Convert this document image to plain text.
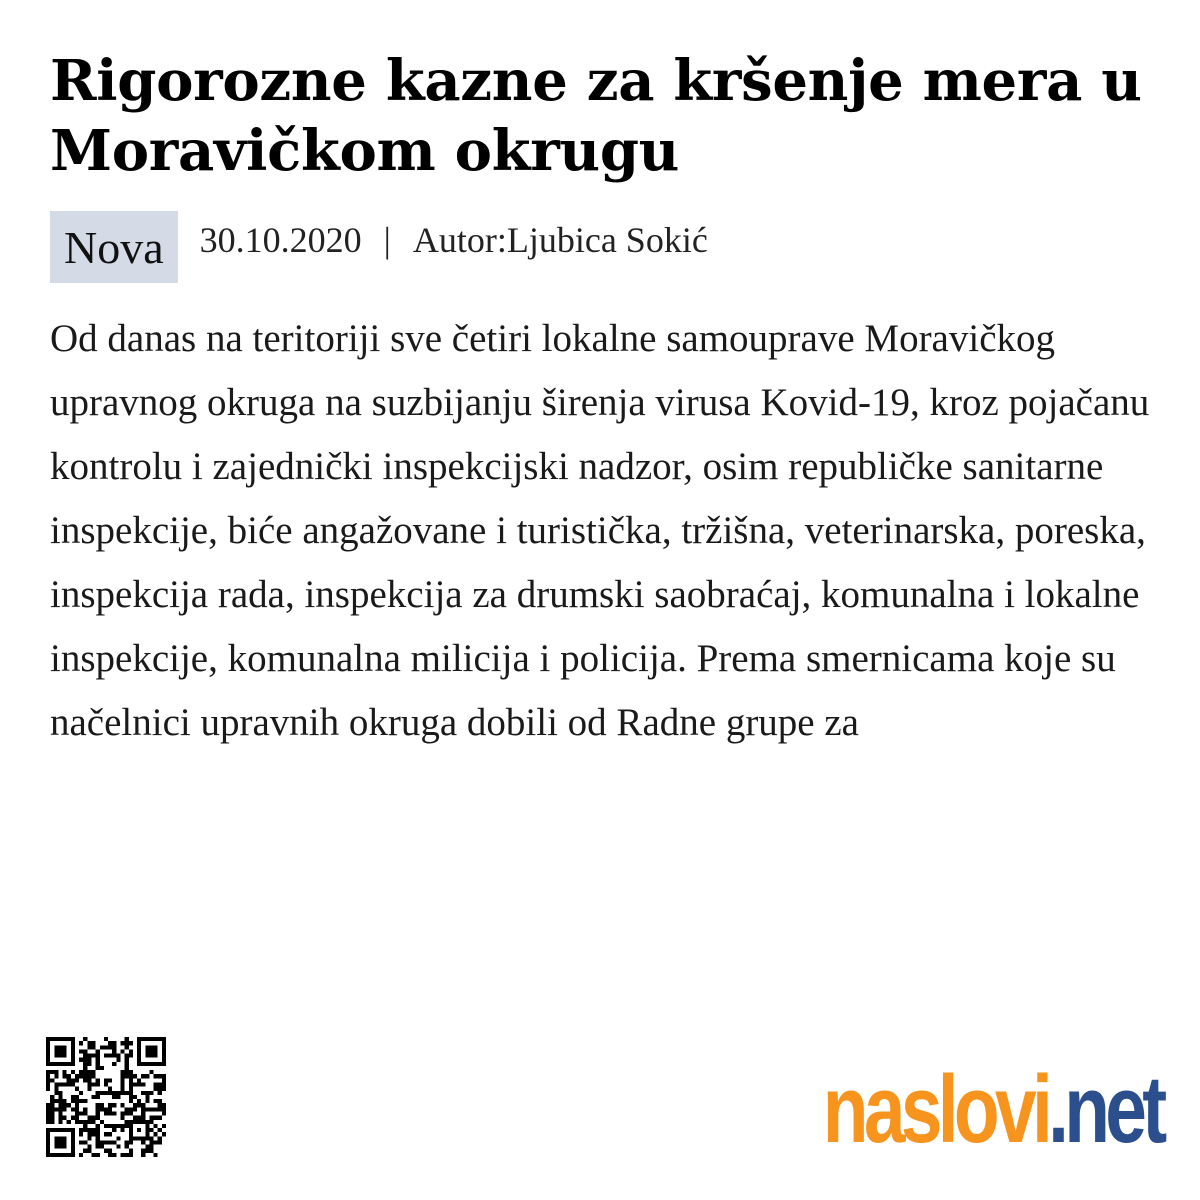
Rigorozne kazne za kršenje mera u Moravičkom okrugu
Nova	30.10.2020 | Autor:Ljubica Sokić

Od danas na teritoriji sve četiri lokalne samouprave Moravičkog upravnog okruga na suzbijanju širenja virusa Kovid-19, kroz pojačanu kontrolu i zajednički inspekcijski nadzor, osim republičke sanitarne inspekcije, biće angažovane i turistička, tržišna, veterinarska, poreska, inspekcija rada, inspekcija za drumski saobraćaj, komunalna i lokalne inspekcije, komunalna milicija i policija. Prema smernicama koje su načelnici upravnih okruga dobili od Radne grupe za

naslovi.net
